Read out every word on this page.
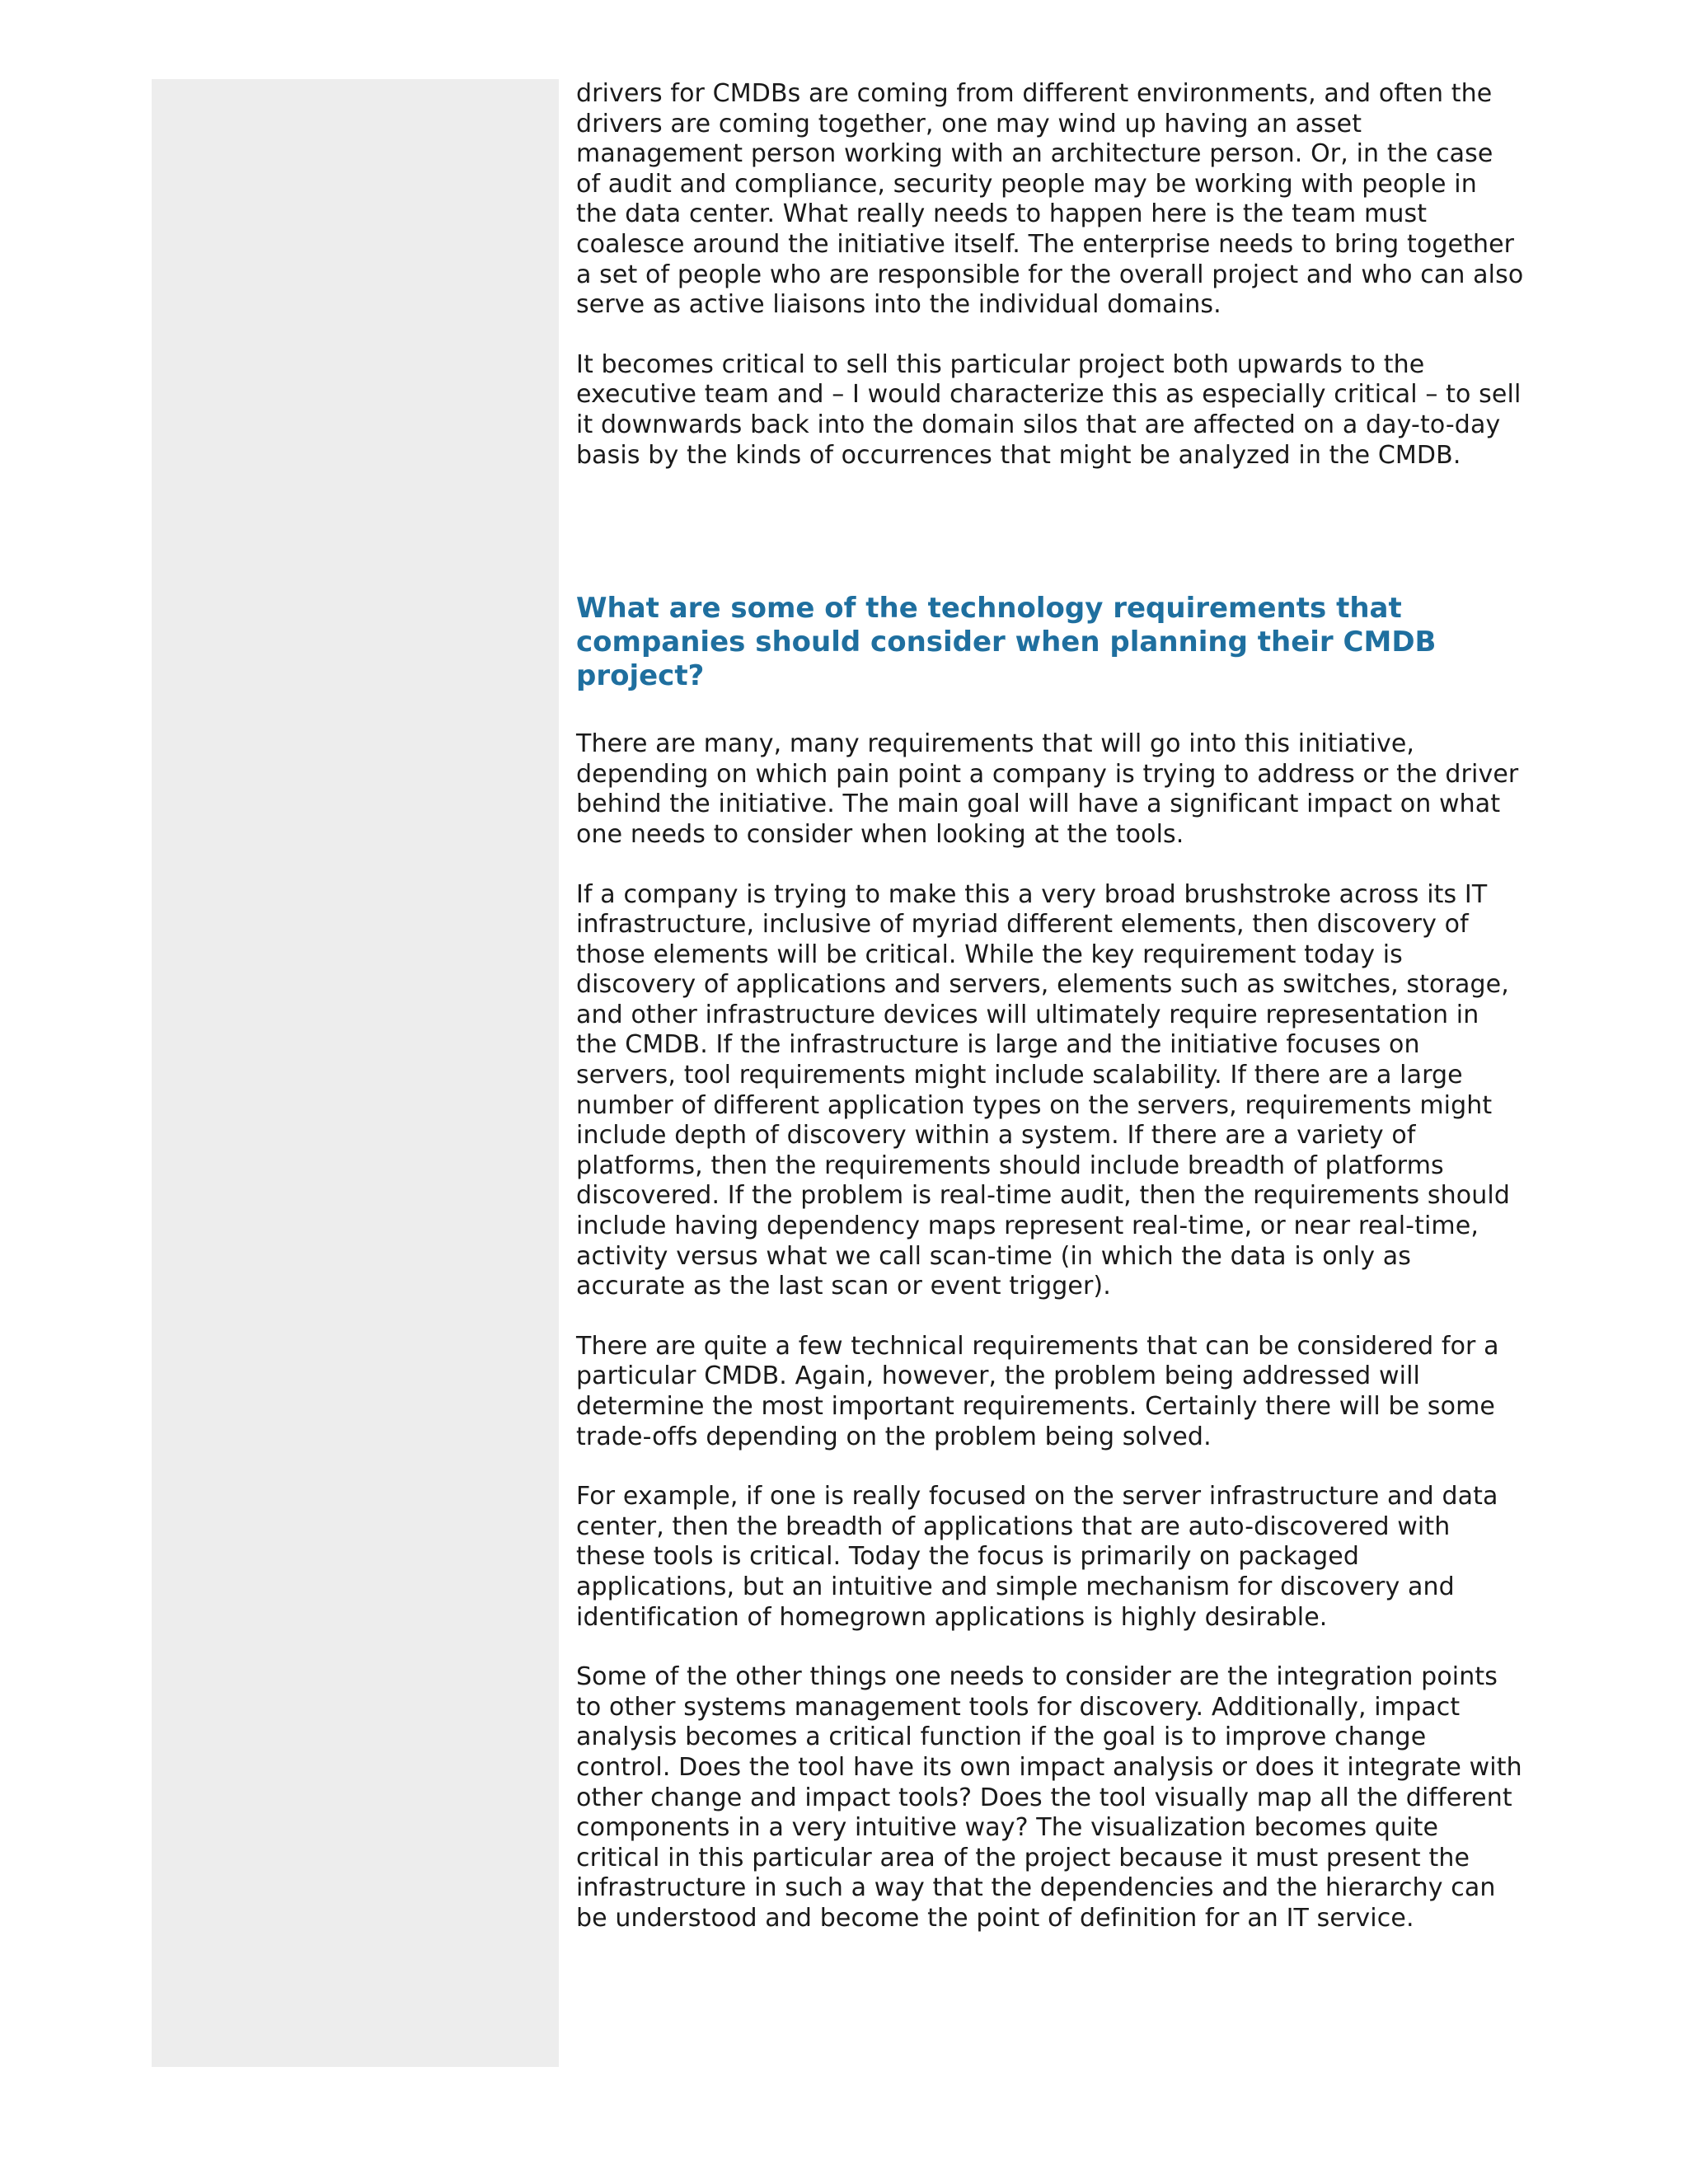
drivers for CMDBs are coming from different environments, and often the drivers are coming together, one may wind up having an asset management person working with an architecture person. Or, in the case of audit and compliance, security people may be working with people in the data center. What really needs to happen here is the team must coalesce around the initiative itself. The enterprise needs to bring together a set of people who are responsible for the overall project and who can also serve as active liaisons into the individual domains.

It becomes critical to sell this particular project both upwards to the executive team and – I would characterize this as especially critical – to sell it downwards back into the domain silos that are affected on a day-to-day basis by the kinds of occurrences that might be analyzed in the CMDB.

What are some of the technology requirements that companies should consider when planning their CMDB project?

There are many, many requirements that will go into this initiative, depending on which pain point a company is trying to address or the driver behind the initiative. The main goal will have a significant impact on what one needs to consider when looking at the tools.

If a company is trying to make this a very broad brushstroke across its IT infrastructure, inclusive of myriad different elements, then discovery of those elements will be critical. While the key requirement today is discovery of applications and servers, elements such as switches, storage, and other infrastructure devices will ultimately require representation in the CMDB. If the infrastructure is large and the initiative focuses on servers, tool requirements might include scalability. If there are a large number of different application types on the servers, requirements might include depth of discovery within a system. If there are a variety of platforms, then the requirements should include breadth of platforms discovered. If the problem is real-time audit, then the requirements should include having dependency maps represent real-time, or near real-time, activity versus what we call scan-time (in which the data is only as accurate as the last scan or event trigger).

There are quite a few technical requirements that can be considered for a particular CMDB. Again, however, the problem being addressed will determine the most important requirements. Certainly there will be some trade-offs depending on the problem being solved.

For example, if one is really focused on the server infrastructure and data center, then the breadth of applications that are auto-discovered with these tools is critical. Today the focus is primarily on packaged applications, but an intuitive and simple mechanism for discovery and identification of homegrown applications is highly desirable.

Some of the other things one needs to consider are the integration points to other systems management tools for discovery. Additionally, impact analysis becomes a critical function if the goal is to improve change control. Does the tool have its own impact analysis or does it integrate with other change and impact tools? Does the tool visually map all the different components in a very intuitive way? The visualization becomes quite critical in this particular area of the project because it must present the infrastructure in such a way that the dependencies and the hierarchy can be understood and become the point of definition for an IT service.
